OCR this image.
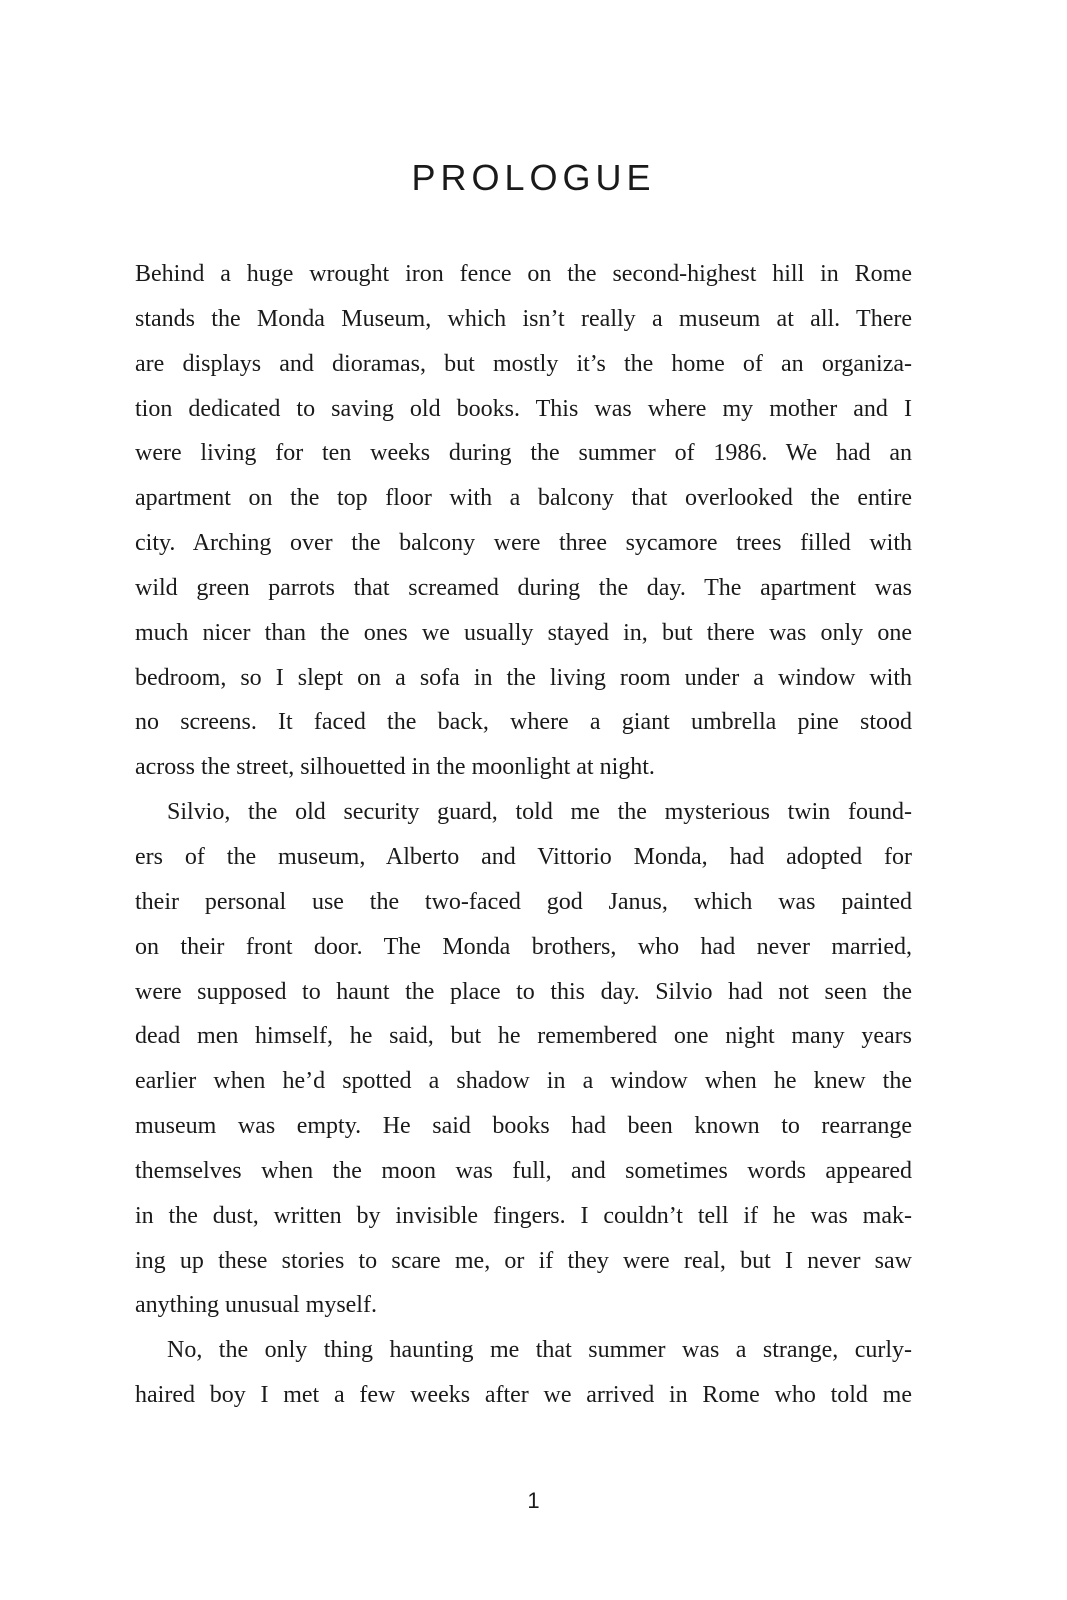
PROLOGUE
Behind a huge wrought iron fence on the second-highest hill in Rome
stands the Monda Museum, which isn’t really a museum at all. There
are displays and dioramas, but mostly it’s the home of an organiza-
tion dedicated to saving old books. This was where my mother and I
were living for ten weeks during the summer of 1986. We had an
apartment on the top floor with a balcony that overlooked the entire
city. Arching over the balcony were three sycamore trees filled with
wild green parrots that screamed during the day. The apartment was
much nicer than the ones we usually stayed in, but there was only one
bedroom, so I slept on a sofa in the living room under a window with
no screens. It faced the back, where a giant umbrella pine stood
across the street, silhouetted in the moonlight at night.
Silvio, the old security guard, told me the mysterious twin found-
ers of the museum, Alberto and Vittorio Monda, had adopted for
their personal use the two-faced god Janus, which was painted
on their front door. The Monda brothers, who had never married,
were supposed to haunt the place to this day. Silvio had not seen the
dead men himself, he said, but he remembered one night many years
earlier when he’d spotted a shadow in a window when he knew the
museum was empty. He said books had been known to rearrange
themselves when the moon was full, and sometimes words appeared
in the dust, written by invisible fingers. I couldn’t tell if he was mak-
ing up these stories to scare me, or if they were real, but I never saw
anything unusual myself.
No, the only thing haunting me that summer was a strange, curly-
haired boy I met a few weeks after we arrived in Rome who told me
1
